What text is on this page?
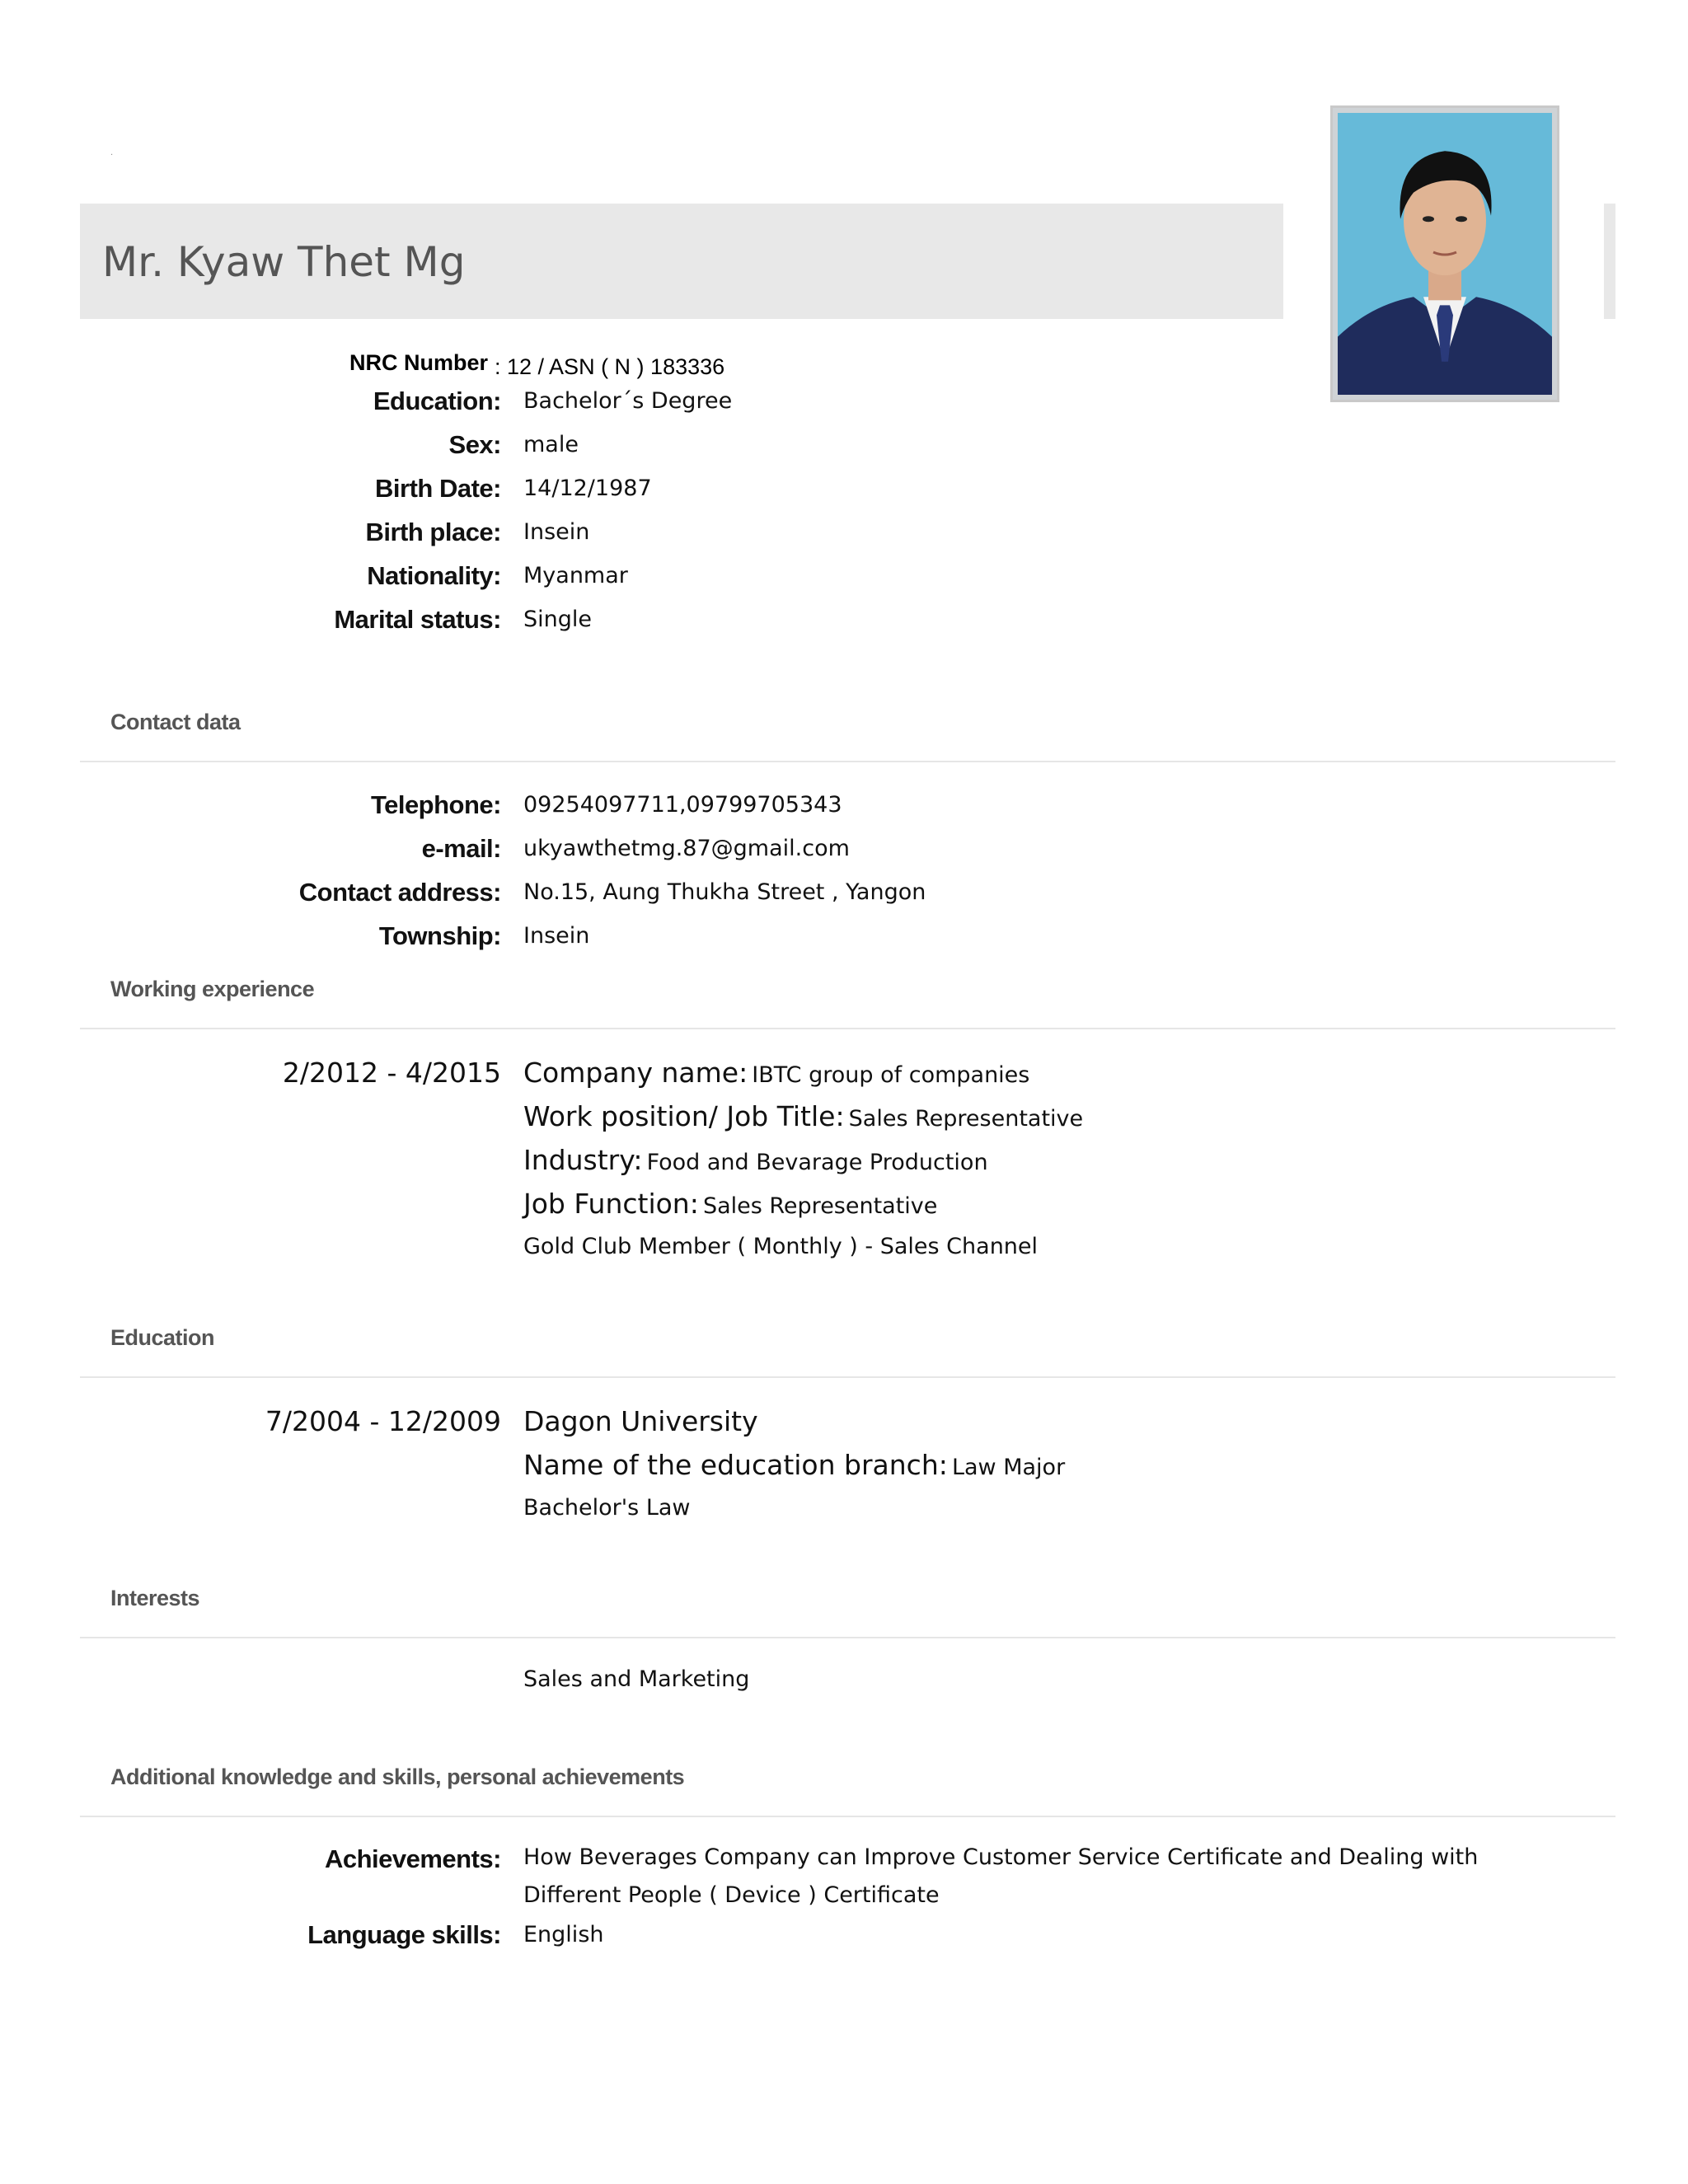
.
Mr. Kyaw Thet Mg
NRC Number : 12 / ASN ( N ) 183336
Education: Bachelor´s Degree
Sex: male
Birth Date: 14/12/1987
Birth place: Insein
Nationality: Myanmar
Marital status: Single
Contact data
Telephone: 09254097711,09799705343
e-mail: ukyawthetmg.87@gmail.com
Contact address: No.15, Aung Thukha Street , Yangon
Township: Insein
Working experience
2/2012 - 4/2015 Company name: IBTC group of companies
Work position/ Job Title: Sales Representative
Industry: Food and Bevarage Production
Job Function: Sales Representative
Gold Club Member ( Monthly ) - Sales Channel
Education
7/2004 - 12/2009 Dagon University
Name of the education branch: Law Major
Bachelor's Law
Interests
Sales and Marketing
Additional knowledge and skills, personal achievements
Achievements: How Beverages Company can Improve Customer Service Certificate and Dealing with Different People ( Device ) Certificate
Language skills: English
